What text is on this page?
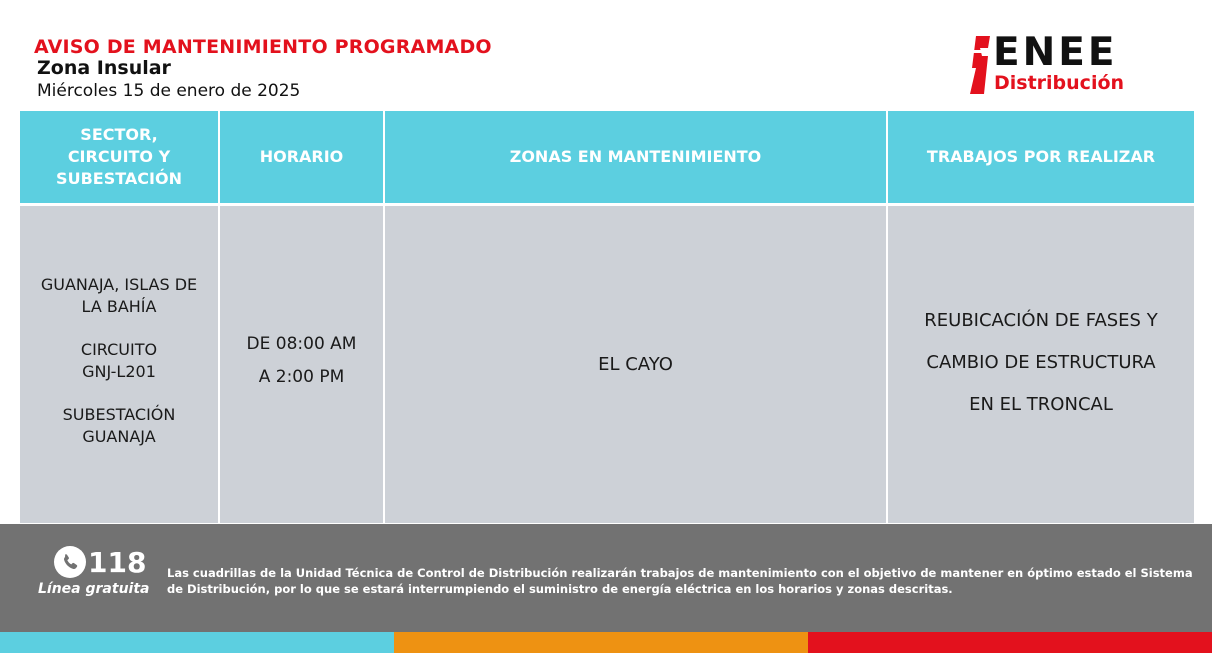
AVISO DE MANTENIMIENTO PROGRAMADO
Zona Insular
Miércoles 15 de enero de 2025
ENEE
Distribución
SECTOR, CIRCUITO Y SUBESTACIÓN

GUANAJA, ISLAS DE LA BAHÍA

CIRCUITO GNJ-L201

SUBESTACIÓN GUANAJA

HORARIO
DE 08:00 AM
A 2:00 PM
ZONAS EN MANTENIMIENTO
EL CAYO
TRABAJOS POR REALIZAR
REUBICACIÓN DE FASES Y
CAMBIO DE ESTRUCTURA
EN EL TRONCAL
118
Línea gratuita
Las cuadrillas de la Unidad Técnica de Control de Distribución realizarán trabajos de mantenimiento con el objetivo de mantener en óptimo estado el Sistema de Distribución, por lo que se estará interrumpiendo el suministro de energía eléctrica en los horarios y zonas descritas.
